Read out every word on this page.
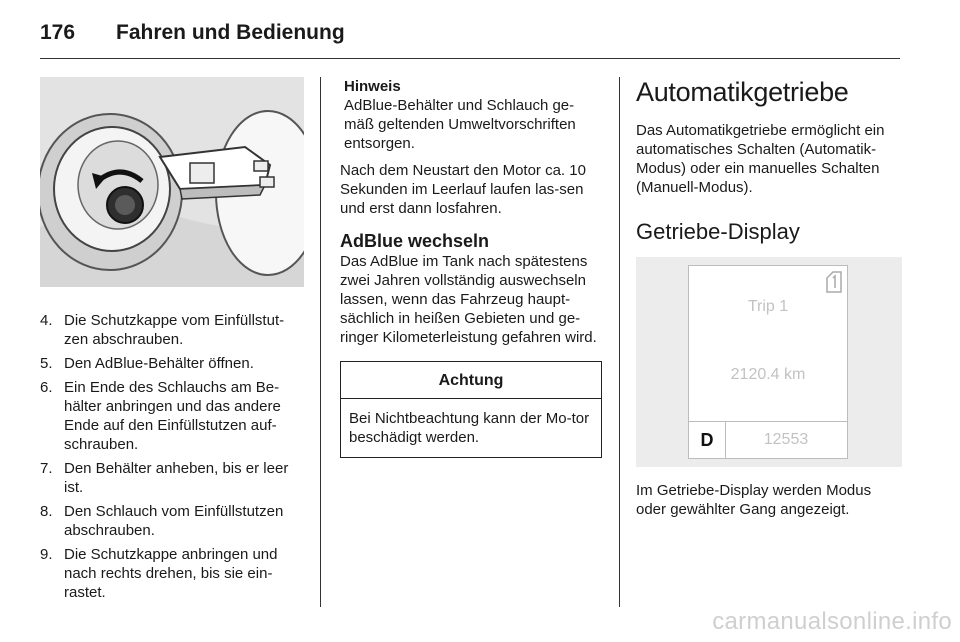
176 Fahren und Bedienung
4. Die Schutzkappe vom Einfüllstut-zen abschrauben.
5. Den AdBlue-Behälter öffnen.
6. Ein Ende des Schlauchs am Be-hälter anbringen und das andere Ende auf den Einfüllstutzen auf-schrauben.
7. Den Behälter anheben, bis er leer ist.
8. Den Schlauch vom Einfüllstutzen abschrauben.
9. Die Schutzkappe anbringen und nach rechts drehen, bis sie ein-rastet.

Hinweis

AdBlue-Behälter und Schlauch ge-mäß geltenden Umweltvorschriften entsorgen.

Nach dem Neustart den Motor ca. 10 Sekunden im Leerlauf laufen las-sen und erst dann losfahren.

AdBlue wechseln

Das AdBlue im Tank nach spätestens zwei Jahren vollständig auswechseln lassen, wenn das Fahrzeug haupt-sächlich in heißen Gebieten und ge-ringer Kilometerleistung gefahren wird.

Achtung
Bei Nichtbeachtung kann der Mo-tor beschädigt werden.
Automatikgetriebe

Das Automatikgetriebe ermöglicht ein automatisches Schalten (Automatik-Modus) oder ein manuelles Schalten (Manuell-Modus).

Getriebe-Display
Trip 1
2120.4 km
D	12553

Im Getriebe-Display werden Modus oder gewählter Gang angezeigt.

carmanualsonline.info
